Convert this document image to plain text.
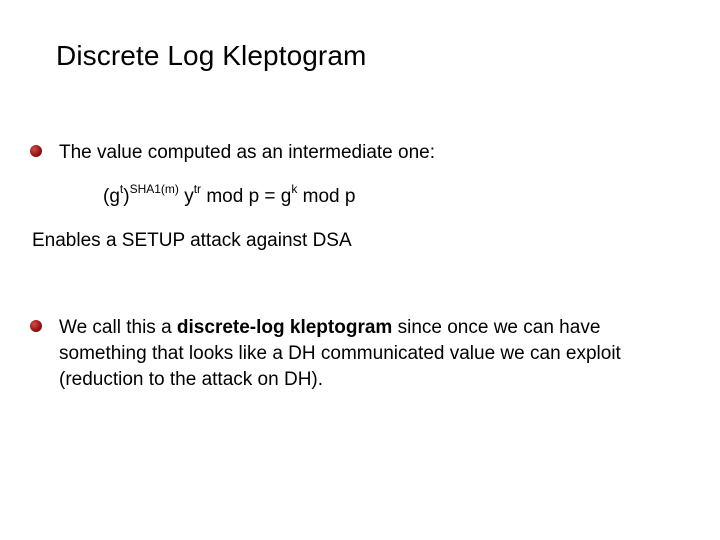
Discrete Log Kleptogram
The value computed as an intermediate one:
$(g^t)^{SHA1(m)}$ $y^{tr}$ mod $p = g^k$ mod p
Enables a SETUP attack against DSA
We call this a discrete-log kleptogram since once we can have something that looks like a DH communicated value we can exploit (reduction to the attack on DH).
